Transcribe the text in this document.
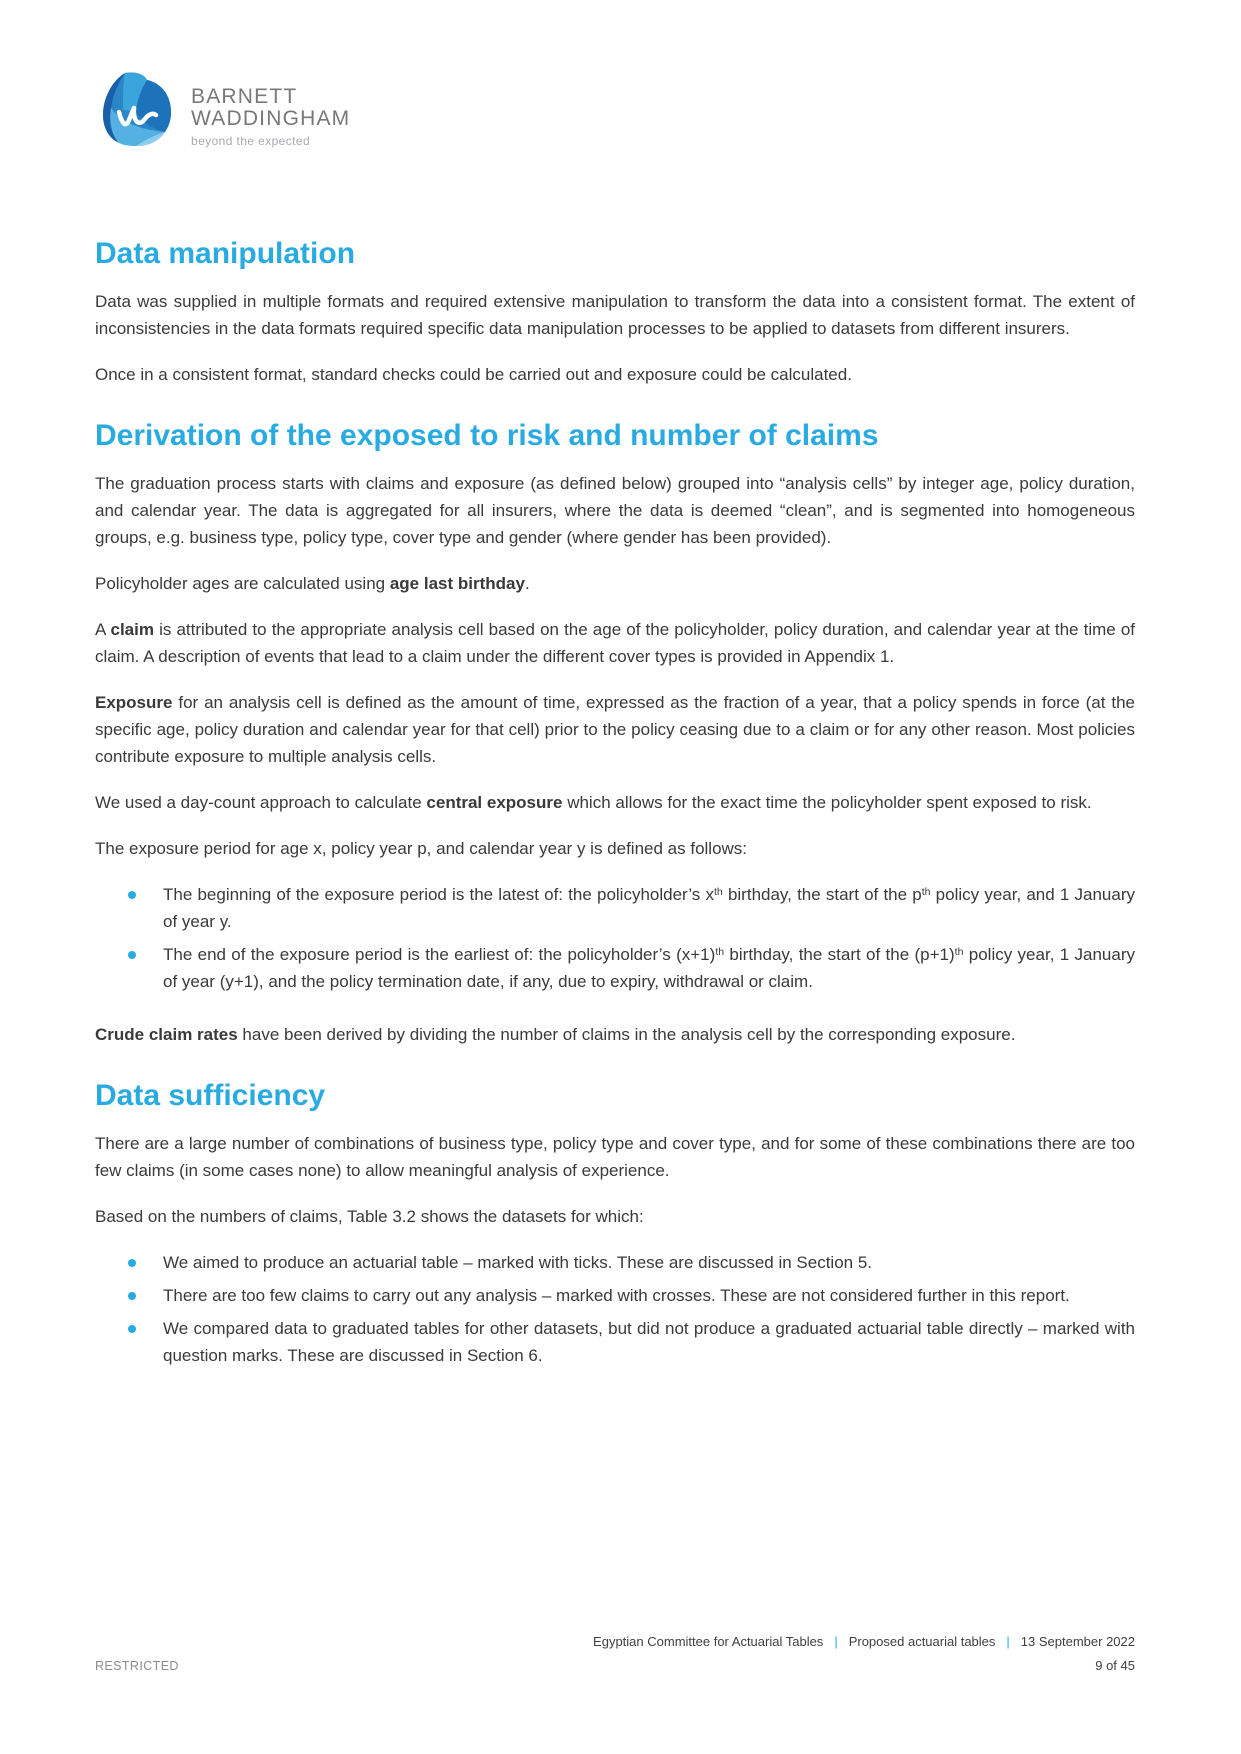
BARNETT
WADDINGHAM
beyond the expected
Data manipulation

Data was supplied in multiple formats and required extensive manipulation to transform the data into a consistent format. The extent of inconsistencies in the data formats required specific data manipulation processes to be applied to datasets from different insurers.

Once in a consistent format, standard checks could be carried out and exposure could be calculated.

Derivation of the exposed to risk and number of claims

The graduation process starts with claims and exposure (as defined below) grouped into “analysis cells” by integer age, policy duration, and calendar year. The data is aggregated for all insurers, where the data is deemed “clean”, and is segmented into homogeneous groups, e.g. business type, policy type, cover type and gender (where gender has been provided).

Policyholder ages are calculated using age last birthday.

A claim is attributed to the appropriate analysis cell based on the age of the policyholder, policy duration, and calendar year at the time of claim. A description of events that lead to a claim under the different cover types is provided in Appendix 1.

Exposure for an analysis cell is defined as the amount of time, expressed as the fraction of a year, that a policy spends in force (at the specific age, policy duration and calendar year for that cell) prior to the policy ceasing due to a claim or for any other reason. Most policies contribute exposure to multiple analysis cells.

We used a day-count approach to calculate central exposure which allows for the exact time the policyholder spent exposed to risk.

The exposure period for age x, policy year p, and calendar year y is defined as follows:

The beginning of the exposure period is the latest of: the policyholder’s $x^{th}$ birthday, the start of the $p^{th}$ policy year, and 1 January of year y.
The end of the exposure period is the earliest of: the policyholder’s $(x+1)^{th}$ birthday, the start of the $(p+1)^{th}$ policy year, 1 January of year (y+1), and the policy termination date, if any, due to expiry, withdrawal or claim.

Crude claim rates have been derived by dividing the number of claims in the analysis cell by the corresponding exposure.

Data sufficiency

There are a large number of combinations of business type, policy type and cover type, and for some of these combinations there are too few claims (in some cases none) to allow meaningful analysis of experience.

Based on the numbers of claims, Table 3.2 shows the datasets for which:

We aimed to produce an actuarial table – marked with ticks. These are discussed in Section 5.
There are too few claims to carry out any analysis – marked with crosses. These are not considered further in this report.
We compared data to graduated tables for other datasets, but did not produce a graduated actuarial table directly – marked with question marks. These are discussed in Section 6.
Egyptian Committee for Actuarial Tables | Proposed actuarial tables | 13 September 2022
RESTRICTED	9 of 45
